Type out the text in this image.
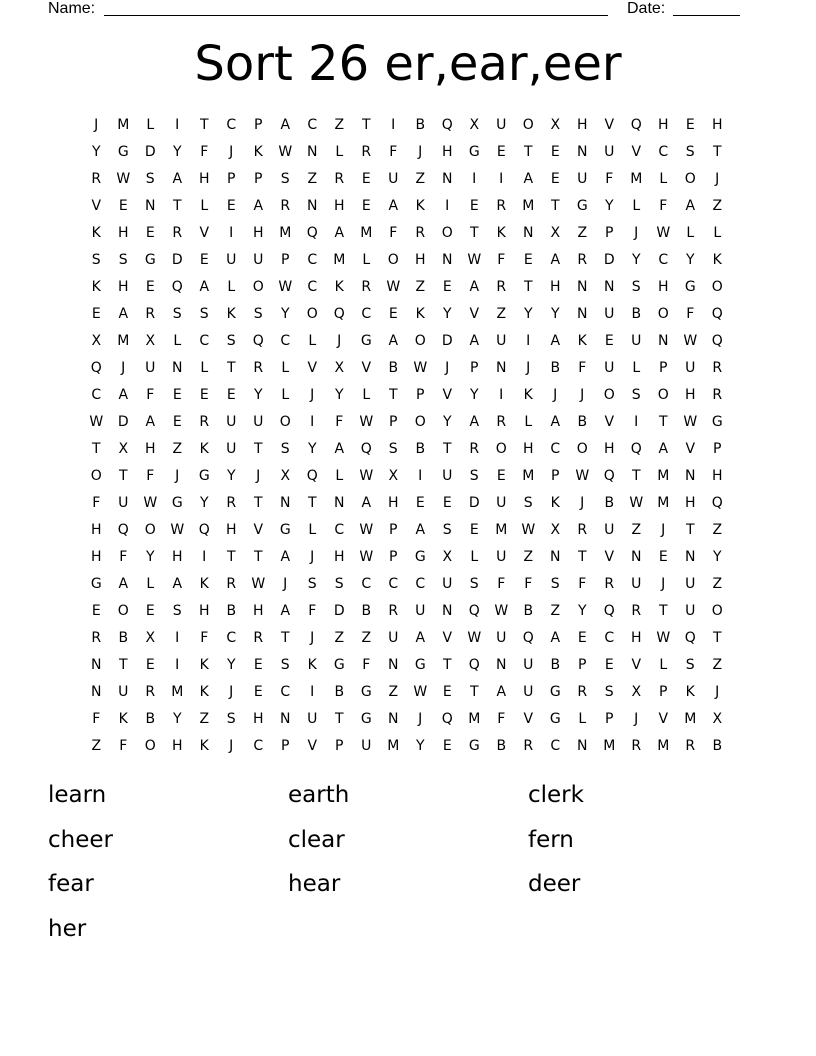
Name:	Date:
Sort 26 er,ear,eer
J	M	L	I	T	C	P	A	C	Z	T	I	B	Q	X	U	O	X	H	V	Q	H	E	H
Y	G	D	Y	F	J	K	W	N	L	R	F	J	H	G	E	T	E	N	U	V	C	S	T
R	W	S	A	H	P	P	S	Z	R	E	U	Z	N	I	I	A	E	U	F	M	L	O	J
V	E	N	T	L	E	A	R	N	H	E	A	K	I	E	R	M	T	G	Y	L	F	A	Z
K	H	E	R	V	I	H	M	Q	A	M	F	R	O	T	K	N	X	Z	P	J	W	L	L
S	S	G	D	E	U	U	P	C	M	L	O	H	N	W	F	E	A	R	D	Y	C	Y	K
K	H	E	Q	A	L	O	W	C	K	R	W	Z	E	A	R	T	H	N	N	S	H	G	O
E	A	R	S	S	K	S	Y	O	Q	C	E	K	Y	V	Z	Y	Y	N	U	B	O	F	Q
X	M	X	L	C	S	Q	C	L	J	G	A	O	D	A	U	I	A	K	E	U	N	W	Q
Q	J	U	N	L	T	R	L	V	X	V	B	W	J	P	N	J	B	F	U	L	P	U	R
C	A	F	E	E	E	Y	L	J	Y	L	T	P	V	Y	I	K	J	J	O	S	O	H	R
W	D	A	E	R	U	U	O	I	F	W	P	O	Y	A	R	L	A	B	V	I	T	W	G
T	X	H	Z	K	U	T	S	Y	A	Q	S	B	T	R	O	H	C	O	H	Q	A	V	P
O	T	F	J	G	Y	J	X	Q	L	W	X	I	U	S	E	M	P	W	Q	T	M	N	H
F	U	W	G	Y	R	T	N	T	N	A	H	E	E	D	U	S	K	J	B	W M	H	Q
H	Q	O	W	Q	H	V	G	L	C	W	P	A	S	E	M W	X	R	U	Z	J	T	Z
H	F	Y	H	I	T	T	A	J	H	W	P	G	X	L	U	Z	N	T	V	N	E	N	Y
G	A	L	A	K	R	W	J	S	S	C	C	C	U	S	F	F	S	F	R	U	J	U	Z
E	O	E	S	H	B	H	A	F	D	B	R	U	N	Q	W	B	Z	Y	Q	R	T	U	O
R	B	X	I	F	C	R	T	J	Z	Z	U	A	V	W	U	Q	A	E	C	H	W	Q	T
N	T	E	I	K	Y	E	S	K	G	F	N	G	T	Q	N	U	B	P	E	V	L	S	Z
N	U	R	M	K	J	E	C	I	B	G	Z	W	E	T	A	U	G	R	S	X	P	K	J
F	K	B	Y	Z	S	H	N	U	T	G	N	J	Q	M	F	V	G	L	P	J	V	M	X
Z	F	O	H	K	J	C	P	V	P	U	M	Y	E	G	B	R	C	N	M	R	M	R	B
learn	earth	clerk
cheer	clear	fern
fear	hear	deer
her
